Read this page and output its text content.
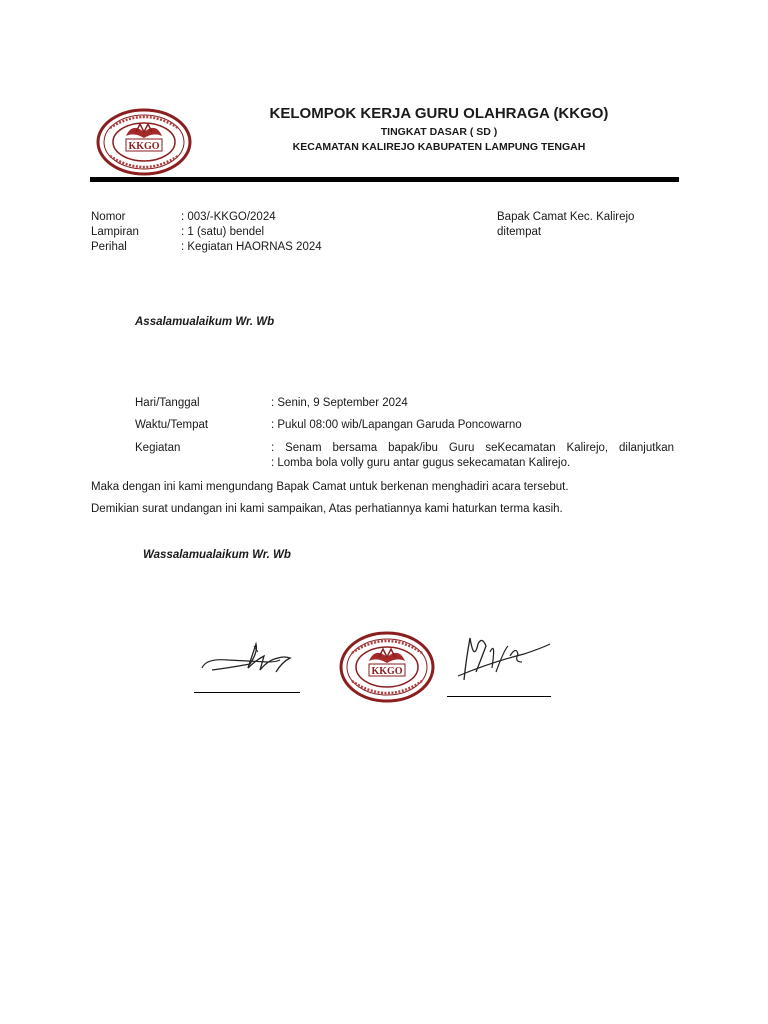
KKGO
KELOMPOK KERJA GURU OLAHRAGA (KKGO)
TINGKAT DASAR ( SD )
KECAMATAN KALIREJO KABUPATEN LAMPUNG TENGAH
Nomor	: 003/-KKGO/2024
Lampiran	: 1 (satu) bendel
Perihal	: Kegiatan HAORNAS 2024
Bapak Camat Kec. Kalirejo
ditempat
Assalamualaikum Wr. Wb
Hari/Tanggal	: Senin, 9 September 2024
Waktu/Tempat	: Pukul 08:00 wib/Lapangan Garuda Poncowarno
Kegiatan	: Senam bersama bapak/ibu Guru seKecamatan Kalirejo, dilanjutkan
: Lomba bola volly guru antar gugus sekecamatan Kalirejo.
Maka dengan ini kami mengundang Bapak Camat untuk berkenan menghadiri acara tersebut.
Demikian surat undangan ini kami sampaikan, Atas perhatiannya kami haturkan terma kasih.
Wassalamualaikum Wr. Wb
KKGO
